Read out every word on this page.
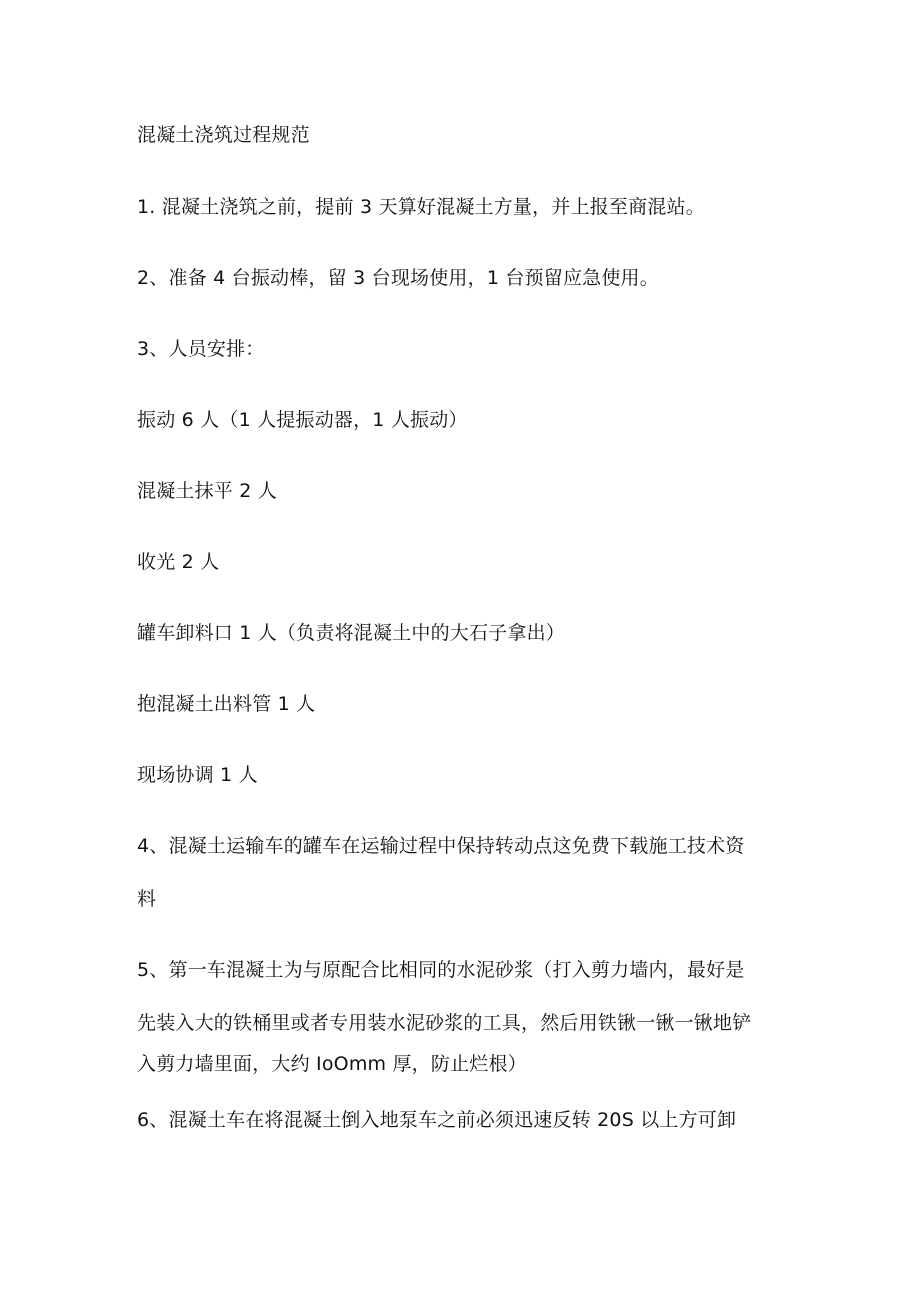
混凝土浇筑过程规范
1. 混凝土浇筑之前，提前 3 天算好混凝土方量，并上报至商混站。
2、准备 4 台振动棒，留 3 台现场使用，1 台预留应急使用。
3、人员安排：
振动 6 人（1 人提振动器，1 人振动）
混凝土抹平 2 人
收光 2 人
罐车卸料口 1 人（负责将混凝土中的大石子拿出）
抱混凝土出料管 1 人
现场协调 1 人
4、混凝土运输车的罐车在运输过程中保持转动点这免费下载施工技术资
料
5、第一车混凝土为与原配合比相同的水泥砂浆（打入剪力墙内，最好是
先装入大的铁桶里或者专用装水泥砂浆的工具，然后用铁锹一锹一锹地铲
入剪力墙里面，大约 IoOmm 厚，防止烂根）
6、混凝土车在将混凝土倒入地泵车之前必须迅速反转 20S 以上方可卸
